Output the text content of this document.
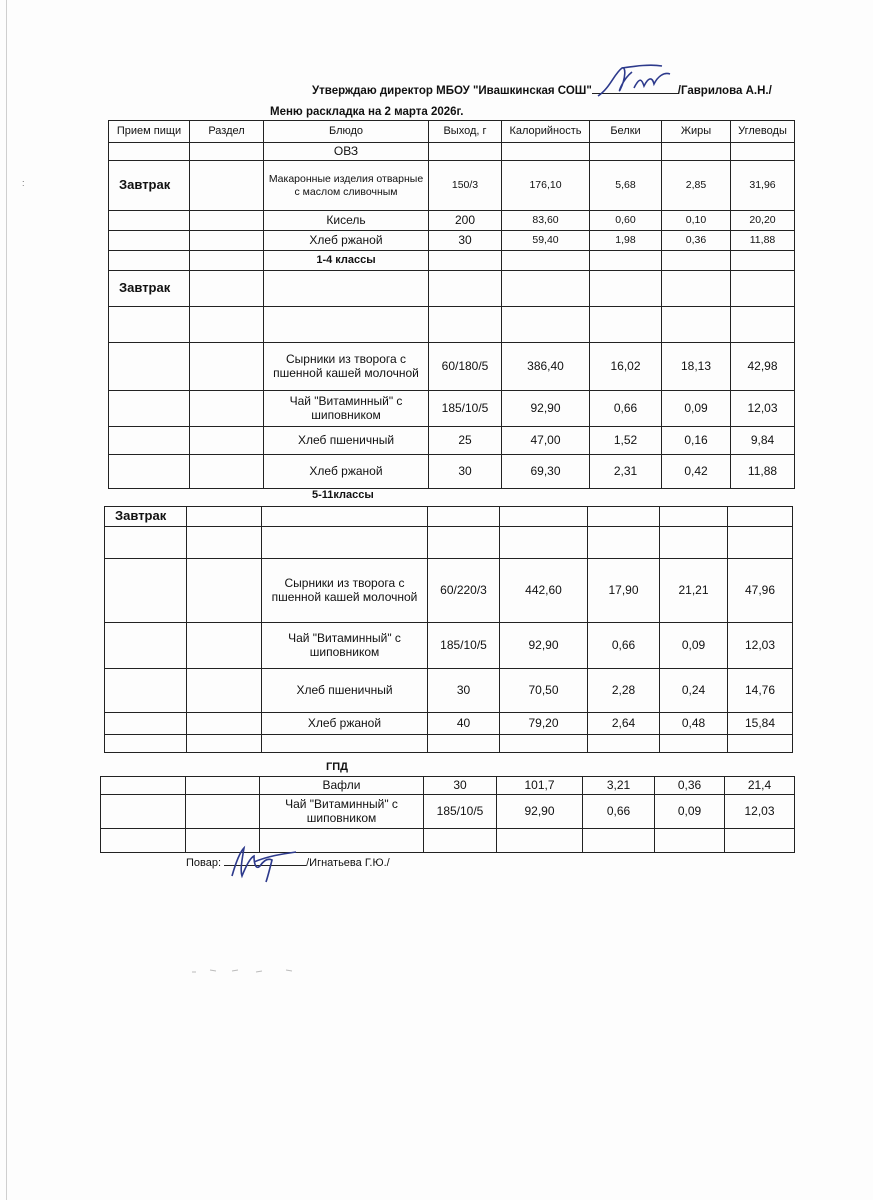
:
Утверждаю директор МБОУ "Ивашкинская СОШ"	/Гаврилова А.Н./
Меню раскладка на 2 марта 2026г.
Прием пищи	Раздел	Блюдо	Выход, г	Калорийность	Белки	Жиры	Углеводы
		ОВЗ					
Завтрак		Макаронные изделия отварные с маслом сливочным	150/3	176,10	5,68	2,85	31,96
		Кисель	200	83,60	0,60	0,10	20,20
		Хлеб ржаной	30	59,40	1,98	0,36	11,88
		1-4 классы					
Завтрак							

		Сырники из творога с пшенной кашей молочной	60/180/5	386,40	16,02	18,13	42,98
		Чай "Витаминный" с шиповником	185/10/5	92,90	0,66	0,09	12,03
		Хлеб пшеничный	25	47,00	1,52	0,16	9,84
		Хлеб ржаной	30	69,30	2,31	0,42	11,88
5-11классы
Завтрак							

		Сырники из творога с пшенной кашей молочной	60/220/3	442,60	17,90	21,21	47,96
		Чай "Витаминный" с шиповником	185/10/5	92,90	0,66	0,09	12,03
		Хлеб пшеничный	30	70,50	2,28	0,24	14,76
		Хлеб ржаной	40	79,20	2,64	0,48	15,84

ГПД
		Вафли	30	101,7	3,21	0,36	21,4
		Чай "Витаминный" с шиповником	185/10/5	92,90	0,66	0,09	12,03

Повар:	/Игнатьева Г.Ю./
